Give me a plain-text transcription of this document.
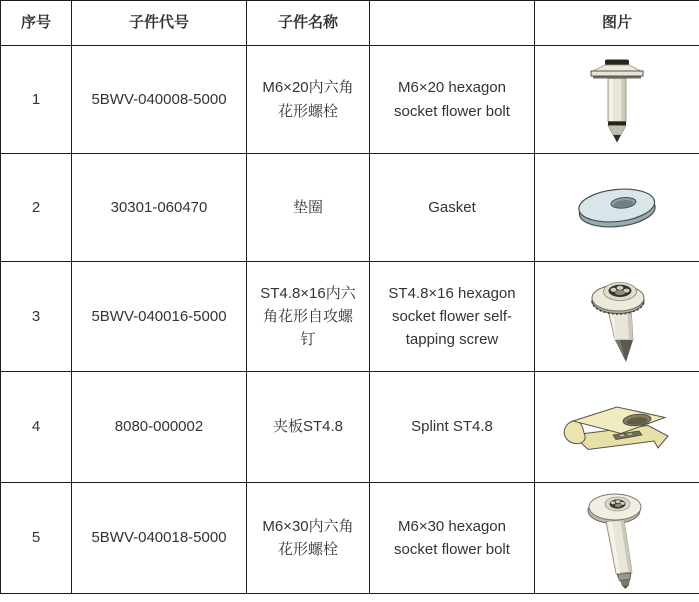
序号	子件代号	子件名称		图片
1	5BWV-040008-5000	M6×20内六角花形螺栓	M6×20 hexagon socket flower bolt	

2	30301-060470	垫圈	Gasket	

3	5BWV-040016-5000	ST4.8×16内六角花形自攻螺钉	ST4.8×16 hexagon socket flower self-tapping screw	

4	8080-000002	夹板ST4.8	Splint ST4.8	

5	5BWV-040018-5000	M6×30内六角花形螺栓	M6×30 hexagon socket flower bolt	
